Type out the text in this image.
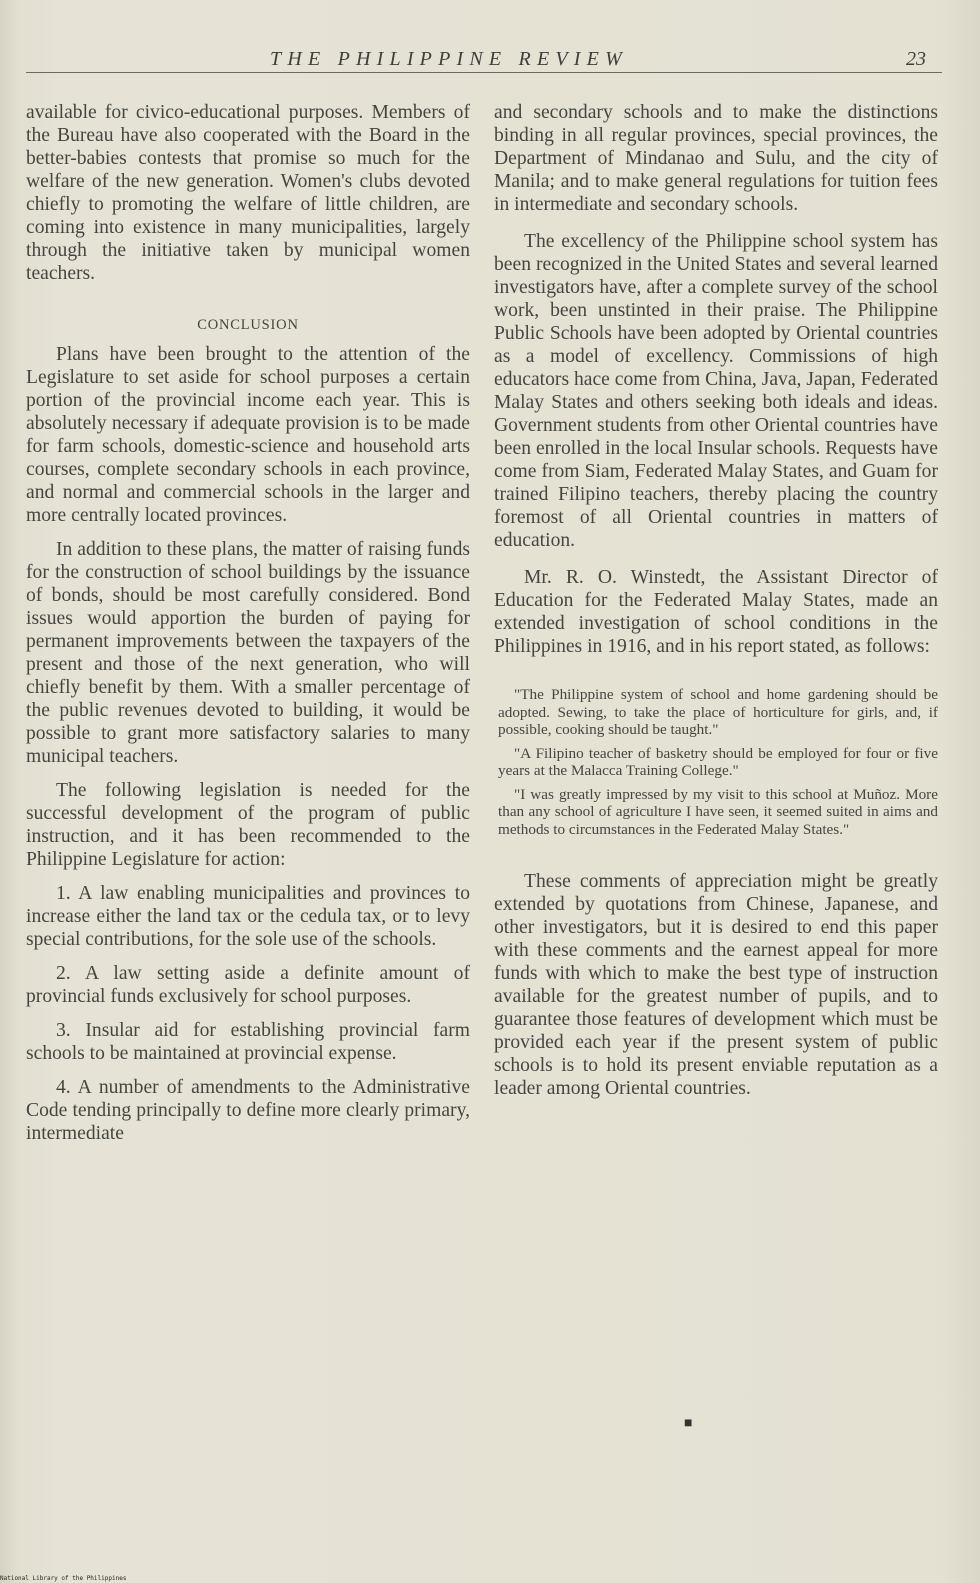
THE PHILIPPINE REVIEW	23

available for civico-educational purposes. Members of the Bureau have also cooperated with the Board in the better-babies contests that promise so much for the welfare of the new generation. Women's clubs devoted chiefly to promoting the welfare of little children, are coming into existence in many municipalities, largely through the initiative taken by municipal women teachers.

CONCLUSION

Plans have been brought to the attention of the Legislature to set aside for school purposes a certain portion of the provincial income each year. This is absolutely necessary if adequate provision is to be made for farm schools, domestic-science and household arts courses, complete secondary schools in each province, and normal and commercial schools in the larger and more centrally located provinces.

In addition to these plans, the matter of raising funds for the construction of school buildings by the issuance of bonds, should be most carefully considered. Bond issues would apportion the burden of paying for permanent improvements between the taxpayers of the present and those of the next generation, who will chiefly benefit by them. With a smaller percentage of the public revenues devoted to building, it would be possible to grant more satisfactory salaries to many municipal teachers.

The following legislation is needed for the successful development of the program of public instruction, and it has been recommended to the Philippine Legislature for action:

1. A law enabling municipalities and provinces to increase either the land tax or the cedula tax, or to levy special contributions, for the sole use of the schools.

2. A law setting aside a definite amount of provincial funds exclusively for school purposes.

3. Insular aid for establishing provincial farm schools to be maintained at provincial expense.

4. A number of amendments to the Administrative Code tending principally to define more clearly primary, intermediate

and secondary schools and to make the distinctions binding in all regular provinces, special provinces, the Department of Mindanao and Sulu, and the city of Manila; and to make general regulations for tuition fees in intermediate and secondary schools.

The excellency of the Philippine school system has been recognized in the United States and several learned investigators have, after a complete survey of the school work, been unstinted in their praise. The Philippine Public Schools have been adopted by Oriental countries as a model of excellency. Commissions of high educators hace come from China, Java, Japan, Federated Malay States and others seeking both ideals and ideas. Government students from other Oriental countries have been enrolled in the local Insular schools. Requests have come from Siam, Federated Malay States, and Guam for trained Filipino teachers, thereby placing the country foremost of all Oriental countries in matters of education.

Mr. R. O. Winstedt, the Assistant Director of Education for the Federated Malay States, made an extended investigation of school conditions in the Philippines in 1916, and in his report stated, as follows:

"The Philippine system of school and home gardening should be adopted. Sewing, to take the place of horticulture for girls, and, if possible, cooking should be taught."

"A Filipino teacher of basketry should be employed for four or five years at the Malacca Training College."

"I was greatly impressed by my visit to this school at Muñoz. More than any school of agriculture I have seen, it seemed suited in aims and methods to circumstances in the Federated Malay States."

These comments of appreciation might be greatly extended by quotations from Chinese, Japanese, and other investigators, but it is desired to end this paper with these comments and the earnest appeal for more funds with which to make the best type of instruction available for the greatest number of pupils, and to guarantee those features of development which must be provided each year if the present system of public schools is to hold its present enviable reputation as a leader among Oriental countries.

■
National Library of the Philippines
